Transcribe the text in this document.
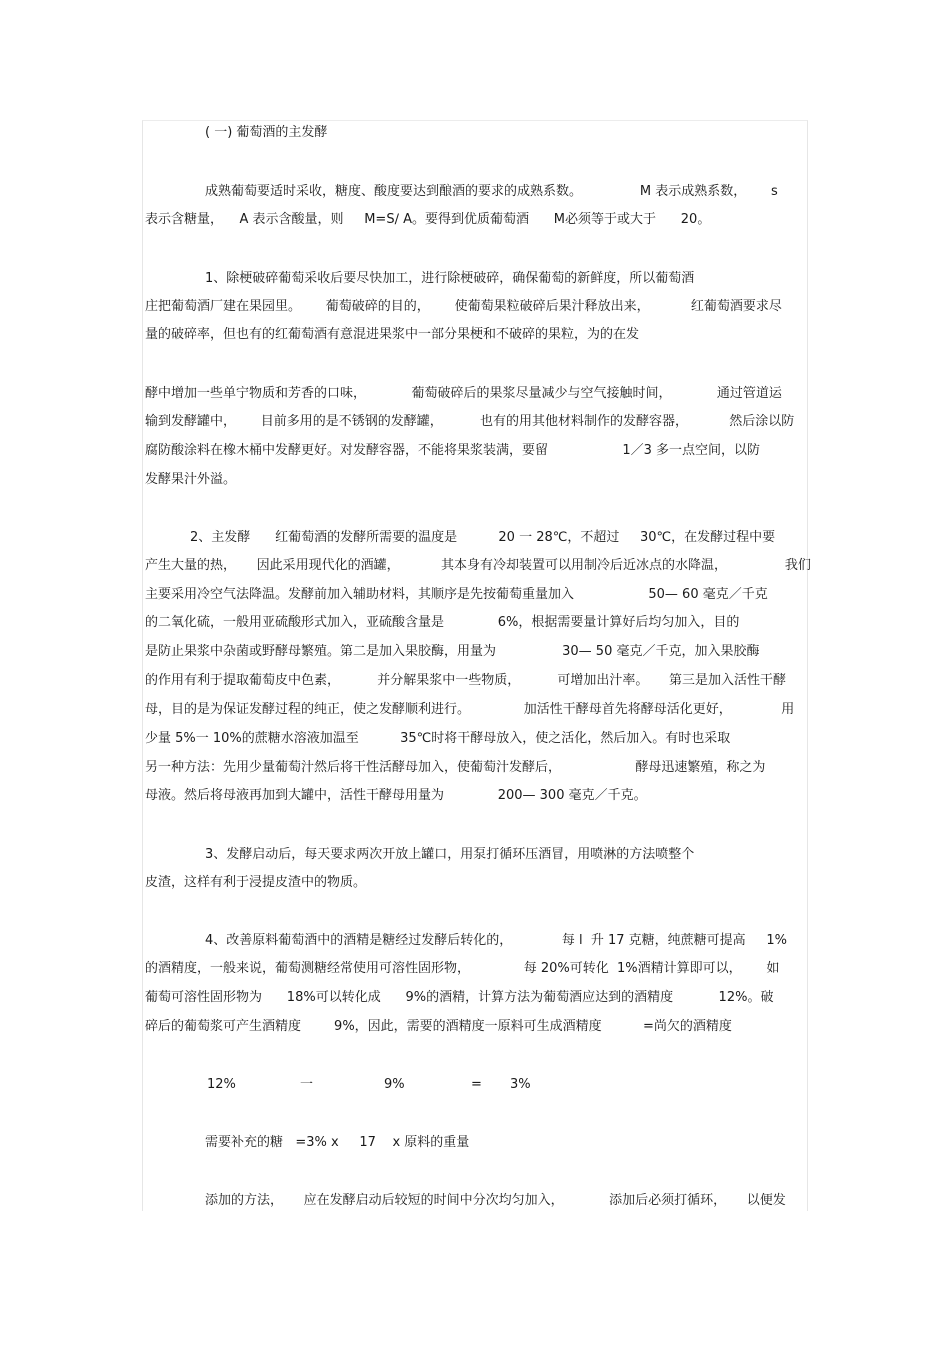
( 一) 葡萄酒的主发酵
成熟葡萄要适时采收，糖度、酸度要达到酿酒的要求的成熟系数。              M 表示成熟系数，      s
表示含糖量，    A 表示含酸量，则     M=S∕ A。要得到优质葡萄酒      M必须等于或大于      20。
1、除梗破碎葡萄采收后要尽快加工，进行除梗破碎，确保葡萄的新鲜度，所以葡萄酒
庄把葡萄酒厂建在果园里。      葡萄破碎的目的，      使葡萄果粒破碎后果汁释放出来，          红葡萄酒要求尽
量的破碎率，但也有的红葡萄酒有意混进果浆中一部分果梗和不破碎的果粒，为的在发
酵中增加一些单宁物质和芳香的口味，           葡萄破碎后的果浆尽量减少与空气接触时间，           通过管道运
输到发酵罐中，      目前多用的是不锈钢的发酵罐，         也有的用其他材料制作的发酵容器，          然后涂以防
腐防酸涂料在橡木桶中发酵更好。对发酵容器，不能将果浆装满，要留                  1／3 多一点空间，以防
发酵果汁外溢。
2、主发酵      红葡萄酒的发酵所需要的温度是          20 一 28℃，不超过     30℃，在发酵过程中要
产生大量的热，     因此采用现代化的酒罐，          其本身有冷却装置可以用制冷后近冰点的水降温，              我们
主要采用冷空气法降温。发酵前加入辅助材料，其顺序是先按葡萄重量加入                  50— 60 毫克／千克
的二氧化硫，一般用亚硫酸形式加入，亚硫酸含量是             6%，根据需要量计算好后均匀加入，目的
是防止果浆中杂菌或野酵母繁殖。第二是加入果胶酶，用量为                30— 50 毫克／千克，加入果胶酶
的作用有利于提取葡萄皮中色素，         并分解果浆中一些物质，         可增加出汁率。     第三是加入活性干酵
母，目的是为保证发酵过程的纯正，使之发酵顺利进行。             加活性干酵母首先将酵母活化更好，            用
少量 5%一 10%的蔗糖水溶液加温至          35℃时将干酵母放入，使之活化，然后加入。有时也采取
另一种方法：先用少量葡萄汁然后将干性活酵母加入，使葡萄汁发酵后，                  酵母迅速繁殖，称之为
母液。然后将母液再加到大罐中，活性干酵母用量为             200— 300 毫克／千克。
3、发酵启动后，每天要求两次开放上罐口，用泵打循环压酒冒，用喷淋的方法喷整个
皮渣，这样有利于浸提皮渣中的物质。
4、改善原料葡萄酒中的酒精是糖经过发酵后转化的，            每 l  升 17 克糖，纯蔗糖可提高     1%
的酒精度，一般来说，葡萄测糖经常使用可溶性固形物，             每 20%可转化  1%酒精计算即可以，      如
葡萄可溶性固形物为      18%可以转化成      9%的酒精，计算方法为葡萄酒应达到的酒精度           12%。破
碎后的葡萄浆可产生酒精度        9%，因此，需要的酒精度一原料可生成酒精度          =尚欠的酒精度
12%	一	9%	= 3%
需要补充的糖   =3% x     17    x 原料的重量
添加的方法，     应在发酵启动后较短的时间中分次均匀加入，           添加后必须打循环，     以便发
